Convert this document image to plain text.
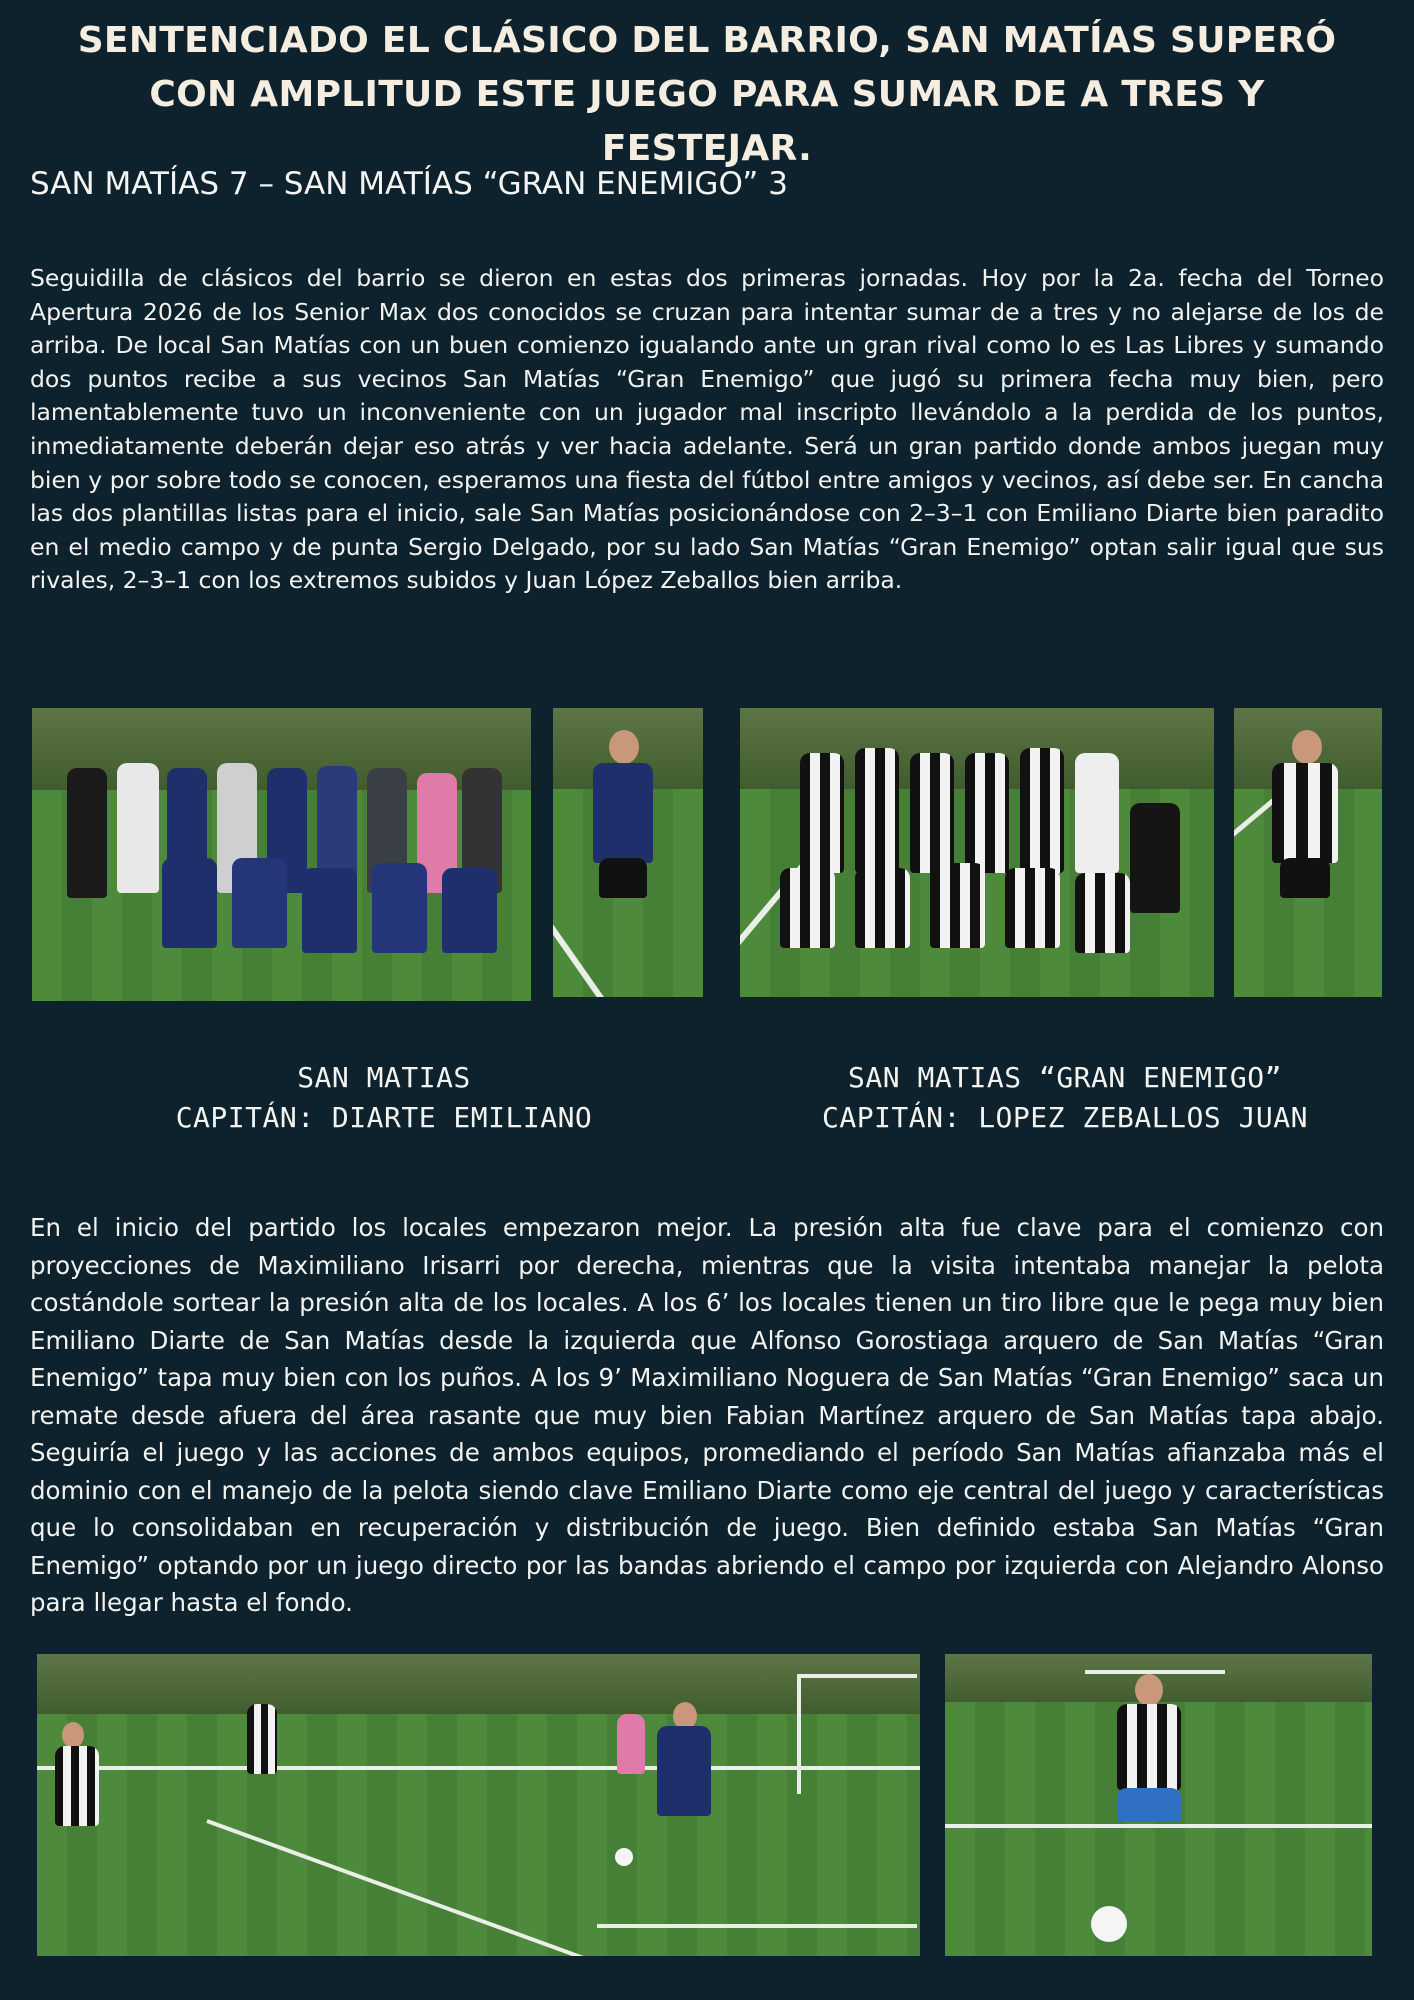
SENTENCIADO EL CLÁSICO DEL BARRIO, SAN MATÍAS SUPERÓ CON AMPLITUD ESTE JUEGO PARA SUMAR DE A TRES Y FESTEJAR.
SAN MATÍAS 7 – SAN MATÍAS “GRAN ENEMIGO” 3
Seguidilla de clásicos del barrio se dieron en estas dos primeras jornadas. Hoy por la 2a. fecha del Torneo Apertura 2026 de los Senior Max dos conocidos se cruzan para intentar sumar de a tres y no alejarse de los de arriba. De local San Matías con un buen comienzo igualando ante un gran rival como lo es Las Libres y sumando dos puntos recibe a sus vecinos San Matías “Gran Enemigo” que jugó su primera fecha muy bien, pero lamentablemente tuvo un inconveniente con un jugador mal inscripto llevándolo a la perdida de los puntos, inmediatamente deberán dejar eso atrás y ver hacia adelante. Será un gran partido donde ambos juegan muy bien y por sobre todo se conocen, esperamos una fiesta del fútbol entre amigos y vecinos, así debe ser. En cancha las dos plantillas listas para el inicio, sale San Matías posicionándose con 2–3–1 con Emiliano Diarte bien paradito en el medio campo y de punta Sergio Delgado, por su lado San Matías “Gran Enemigo” optan salir igual que sus rivales, 2–3–1 con los extremos subidos y Juan López Zeballos bien arriba.
SAN MATIAS
CAPITÁN: DIARTE EMILIANO
SAN MATIAS “GRAN ENEMIGO”
CAPITÁN: LOPEZ ZEBALLOS JUAN
En el inicio del partido los locales empezaron mejor. La presión alta fue clave para el comienzo con proyecciones de Maximiliano Irisarri por derecha, mientras que la visita intentaba manejar la pelota costándole sortear la presión alta de los locales. A los 6’ los locales tienen un tiro libre que le pega muy bien Emiliano Diarte de San Matías desde la izquierda que Alfonso Gorostiaga arquero de San Matías “Gran Enemigo” tapa muy bien con los puños. A los 9’ Maximiliano Noguera de San Matías “Gran Enemigo” saca un remate desde afuera del área rasante que muy bien Fabian Martínez arquero de San Matías tapa abajo. Seguiría el juego y las acciones de ambos equipos, promediando el período San Matías afianzaba más el dominio con el manejo de la pelota siendo clave Emiliano Diarte como eje central del juego y características que lo consolidaban en recuperación y distribución de juego. Bien definido estaba San Matías “Gran Enemigo” optando por un juego directo por las bandas abriendo el campo por izquierda con Alejandro Alonso para llegar hasta el fondo.
